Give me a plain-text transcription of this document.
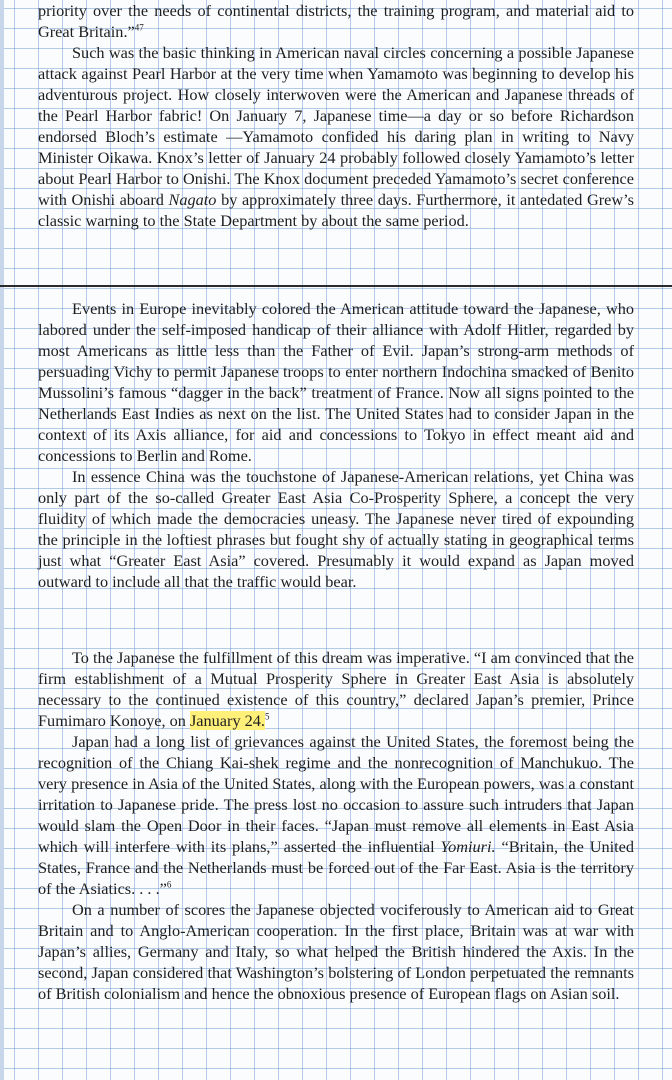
priority over the needs of continental districts, the training program, and material aid to Great Britain.”$^{47}$

Such was the basic thinking in American naval circles concerning a possible Japanese attack against Pearl Harbor at the very time when Yamamoto was beginning to develop his adventurous project. How closely interwoven were the American and Japanese threads of the Pearl Harbor fabric! On January 7, Japanese time—a day or so before Richardson endorsed Bloch’s estimate —Yamamoto confided his daring plan in writing to Navy Minister Oikawa. Knox’s letter of January 24 probably followed closely Yamamoto’s letter about Pearl Harbor to Onishi. The Knox document preceded Yamamoto’s secret conference with Onishi aboard Nagato by approximately three days. Furthermore, it antedated Grew’s classic warning to the State Department by about the same period.

Events in Europe inevitably colored the American attitude toward the Japanese, who labored under the self-imposed handicap of their alliance with Adolf Hitler, regarded by most Americans as little less than the Father of Evil. Japan’s strong-arm methods of persuading Vichy to permit Japanese troops to enter northern Indochina smacked of Benito Mussolini’s famous “dagger in the back” treatment of France. Now all signs pointed to the Netherlands East Indies as next on the list. The United States had to consider Japan in the context of its Axis alliance, for aid and concessions to Tokyo in effect meant aid and concessions to Berlin and Rome.

In essence China was the touchstone of Japanese-American relations, yet China was only part of the so-called Greater East Asia Co-Prosperity Sphere, a concept the very fluidity of which made the democracies uneasy. The Japanese never tired of expounding the principle in the loftiest phrases but fought shy of actually stating in geographical terms just what “Greater East Asia” covered. Presumably it would expand as Japan moved outward to include all that the traffic would bear.

To the Japanese the fulfillment of this dream was imperative. “I am convinced that the firm establishment of a Mutual Prosperity Sphere in Greater East Asia is absolutely necessary to the continued existence of this country,” declared Japan’s premier, Prince Fumimaro Konoye, on January 24.$^5$

Japan had a long list of grievances against the United States, the foremost being the recognition of the Chiang Kai-shek regime and the nonrecognition of Manchukuo. The very presence in Asia of the United States, along with the European powers, was a constant irritation to Japanese pride. The press lost no occasion to assure such intruders that Japan would slam the Open Door in their faces. “Japan must remove all elements in East Asia which will interfere with its plans,” asserted the influential Yomiuri. “Britain, the United States, France and the Netherlands must be forced out of the Far East. Asia is the territory of the Asiatics. . . .”$^6$

On a number of scores the Japanese objected vociferously to American aid to Great Britain and to Anglo-American cooperation. In the first place, Britain was at war with Japan’s allies, Germany and Italy, so what helped the British hindered the Axis. In the second, Japan considered that Washington’s bolstering of London perpetuated the remnants of British colonialism and hence the obnoxious presence of European flags on Asian soil.
